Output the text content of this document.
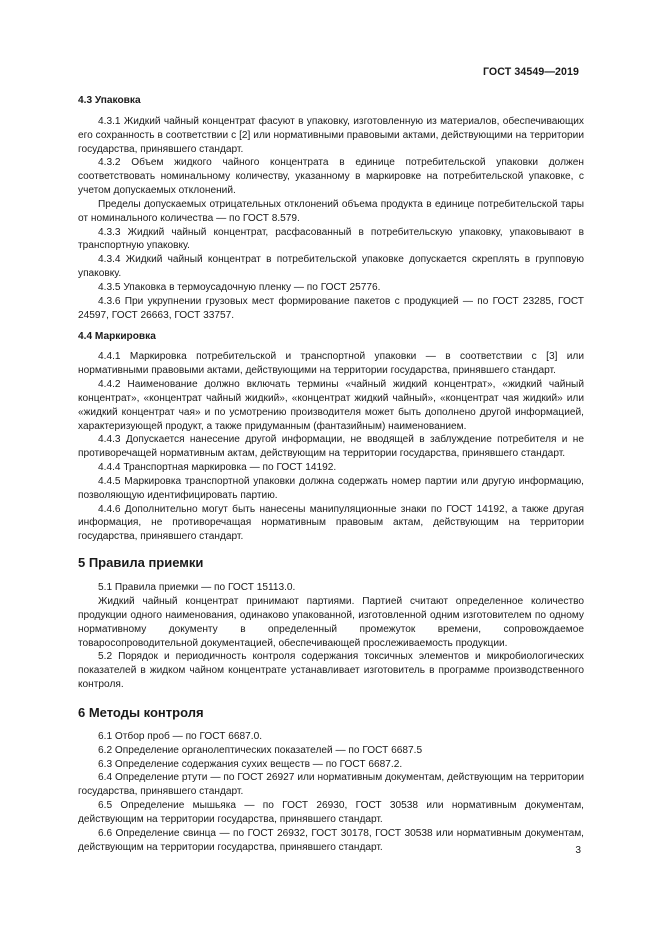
ГОСТ 34549—2019
4.3 Упаковка

4.3.1 Жидкий чайный концентрат фасуют в упаковку, изготовленную из материалов, обеспечивающих его сохранность в соответствии с [2] или нормативными правовыми актами, действующими на территории государства, принявшего стандарт.

4.3.2 Объем жидкого чайного концентрата в единице потребительской упаковки должен соответствовать номинальному количеству, указанному в маркировке на потребительской упаковке, с учетом допускаемых отклонений.

Пределы допускаемых отрицательных отклонений объема продукта в единице потребительской тары от номинального количества — по ГОСТ 8.579.

4.3.3 Жидкий чайный концентрат, расфасованный в потребительскую упаковку, упаковывают в транспортную упаковку.

4.3.4 Жидкий чайный концентрат в потребительской упаковке допускается скреплять в групповую упаковку.

4.3.5 Упаковка в термоусадочную пленку — по ГОСТ 25776.

4.3.6 При укрупнении грузовых мест формирование пакетов с продукцией — по ГОСТ 23285, ГОСТ 24597, ГОСТ 26663, ГОСТ 33757.

4.4 Маркировка

4.4.1 Маркировка потребительской и транспортной упаковки — в соответствии с [3] или нормативными правовыми актами, действующими на территории государства, принявшего стандарт.

4.4.2 Наименование должно включать термины «чайный жидкий концентрат», «жидкий чайный концентрат», «концентрат чайный жидкий», «концентрат жидкий чайный», «концентрат чая жидкий» или «жидкий концентрат чая» и по усмотрению производителя может быть дополнено другой информацией, характеризующей продукт, а также придуманным (фантазийным) наименованием.

4.4.3 Допускается нанесение другой информации, не вводящей в заблуждение потребителя и не противоречащей нормативным актам, действующим на территории государства, принявшего стандарт.

4.4.4 Транспортная маркировка — по ГОСТ 14192.

4.4.5 Маркировка транспортной упаковки должна содержать номер партии или другую информацию, позволяющую идентифицировать партию.

4.4.6 Дополнительно могут быть нанесены манипуляционные знаки по ГОСТ 14192, а также другая информация, не противоречащая нормативным правовым актам, действующим на территории государства, принявшего стандарт.

5 Правила приемки

5.1 Правила приемки — по ГОСТ 15113.0.

Жидкий чайный концентрат принимают партиями. Партией считают определенное количество продукции одного наименования, одинаково упакованной, изготовленной одним изготовителем по одному нормативному документу в определенный промежуток времени, сопровождаемое товаросопроводительной документацией, обеспечивающей прослеживаемость продукции.

5.2 Порядок и периодичность контроля содержания токсичных элементов и микробиологических показателей в жидком чайном концентрате устанавливает изготовитель в программе производственного контроля.

6 Методы контроля

6.1 Отбор проб — по ГОСТ 6687.0.

6.2 Определение органолептических показателей — по ГОСТ 6687.5

6.3 Определение содержания сухих веществ — по ГОСТ 6687.2.

6.4 Определение ртути — по ГОСТ 26927 или нормативным документам, действующим на территории государства, принявшего стандарт.

6.5 Определение мышьяка — по ГОСТ 26930, ГОСТ 30538 или нормативным документам, действующим на территории государства, принявшего стандарт.

6.6 Определение свинца — по ГОСТ 26932, ГОСТ 30178, ГОСТ 30538 или нормативным документам, действующим на территории государства, принявшего стандарт.	3
